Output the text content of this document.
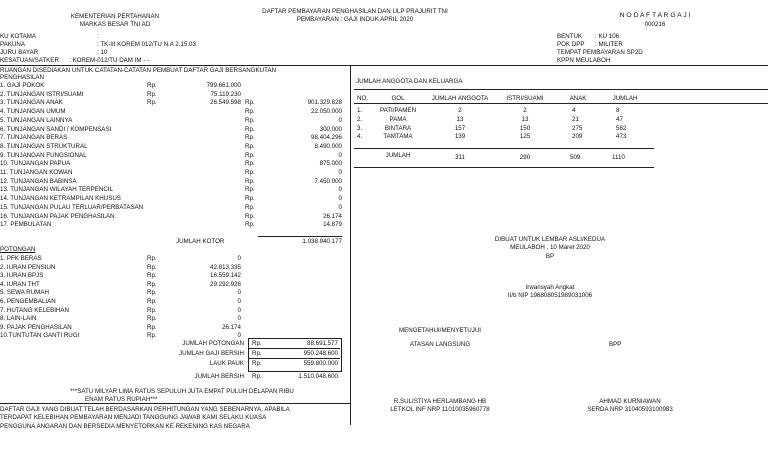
KEMENTERIAN PERTAHANAN
MARKAS BESAR TNI AD
DAFTAR PEMBAYARAN PENGHASILAN DAN ULP PRAJURIT TNI
PEMBAYARAN : GAJI INDUK APRIL 2020
N O D A F T A R G A J I
000216
KU KOTAMA	:
PAKUNA	: TK-III KOREM 012/TU N.A 2.15.03
JURU BAYAR	: 10
KESATUAN/SATKER : KOREM-012/TU DAM IM - -
BENTUK : KU 106
POK DPP : MILITER
TEMPAT PEMBAYARAN SP2D
KPPN MEULABOH
RUANGAN DISEDIAKAN UNTUK CATATAN-CATATAN PEMBUAT DAFTAR GAJI BERSANGKUTAN
PENGHASILAN
1. GAJI POKOK	Rp.	799.661.000
2. TUNJANGAN ISTRI/SUAMI	Rp.	75.119.230
3. TUNJANGAN ANAK	Rp.	26.549.598 Rp.	901.329.828
4. TUNJANGAN UMUM	Rp.	22.050.000
5. TUNJANGAN LAINNYA	Rp.	0
6. TUNJANGAN SANDI / KOMPENSASI	Rp.	300.000
7. TUNJANGAN BERAS	Rp.	98.404.296
8. TUNJANGAN STRUKTURAL	Rp.	8.490.000
9. TUNJANGAN FUNGSIONAL	Rp.	0
10. TUNJANGAN PAPUA	Rp.	875.000
11. TUNJANGAN KOWAN	Rp.	0
12. TUNJANGAN BABINSA	Rp.	7.450.000
13. TUNJANGAN WILAYAH TERPENCIL	Rp.	0
14. TUNJANGAN KETRAMPILAN KHUSUS	Rp.	0
15. TUNJANGAN PULAU TERLUAR/PERBATASAN	Rp.	0
16. TUNJANGAN PAJAK PENGHASILAN	Rp.	26.174
17. PEMBULATAN	Rp.	14.879
JUMLAH KOTOR	1.038.940.177
POTONGAN
1. PFK BERAS	Rp.	0
2. IURAN PENSIUN	Rp.	42.813.335
3. IURAN BPJS	Rp.	16.559.142
4. IURAN THT	Rp.	29.292.926
5. SEWA RUMAH	Rp.	0
6. PENGEMBALIAN	Rp.	0
7. HUTANG KELEBIHAN	Rp.	0
8. LAIN-LAIN	Rp.	0
9. PAJAK PENGHASILAN	Rp.	26.174
10.TUNTUTAN GANTI RUGI	Rp.	0
JUMLAH POTONGAN Rp.	88.691.577
JUMLAH GAJI BERSIH Rp.	950.248.600
LAUK PAUK Rp.	559.800.000
JUMLAH BERSIH Rp.	1.510.048.600
***SATU MILYAR LIMA RATUS SEPULUH JUTA EMPAT PULUH DELAPAN RIBU
ENAM RATUS RUPIAH***
DAFTAR GAJI YANG DIBUAT TELAH BERDASARKAN PERHITUNGAN YANG SEBENARNYA, APABILA
TERDAPAT KELEBIHAN PEMBAYARAN MENJADI TANGGUNG JAWAB KAMI SELAKU KUASA
PENGGUNA ANGARAN DAN BERSEDIA MENYETORKAN KE REKENING KAS NEGARA
JUMLAH ANGGOTA DAN KELUARGA
NO.	GOL	JUMLAH ANGGOTA	ISTRI/SUAMI	ANAK	JUMLAH
1.	PATI/PAMEN	2	2	4	8
2.	PAMA	13	13	21	47
3.	BINTARA	157	150	275	582
4.	TAMTAMA	139	125	209	473
JUMLAH	311	290	509	1110
DIBUAT UNTUK LEMBAR ASLI/KEDUA
MEULABOH , 10 Maret 2020
BP
Irwansyah Angkat
II/b NIP 196808051989031006
MENGETAHUI/MENYETUJUI
ATASAN LANGSUNG	BPP
R.SULISTIYA HERLAMBANG HB
LETKOL INF NRP 11010035960778
AHMAD KURNIAWAN
SERDA NRP 31040593100983
